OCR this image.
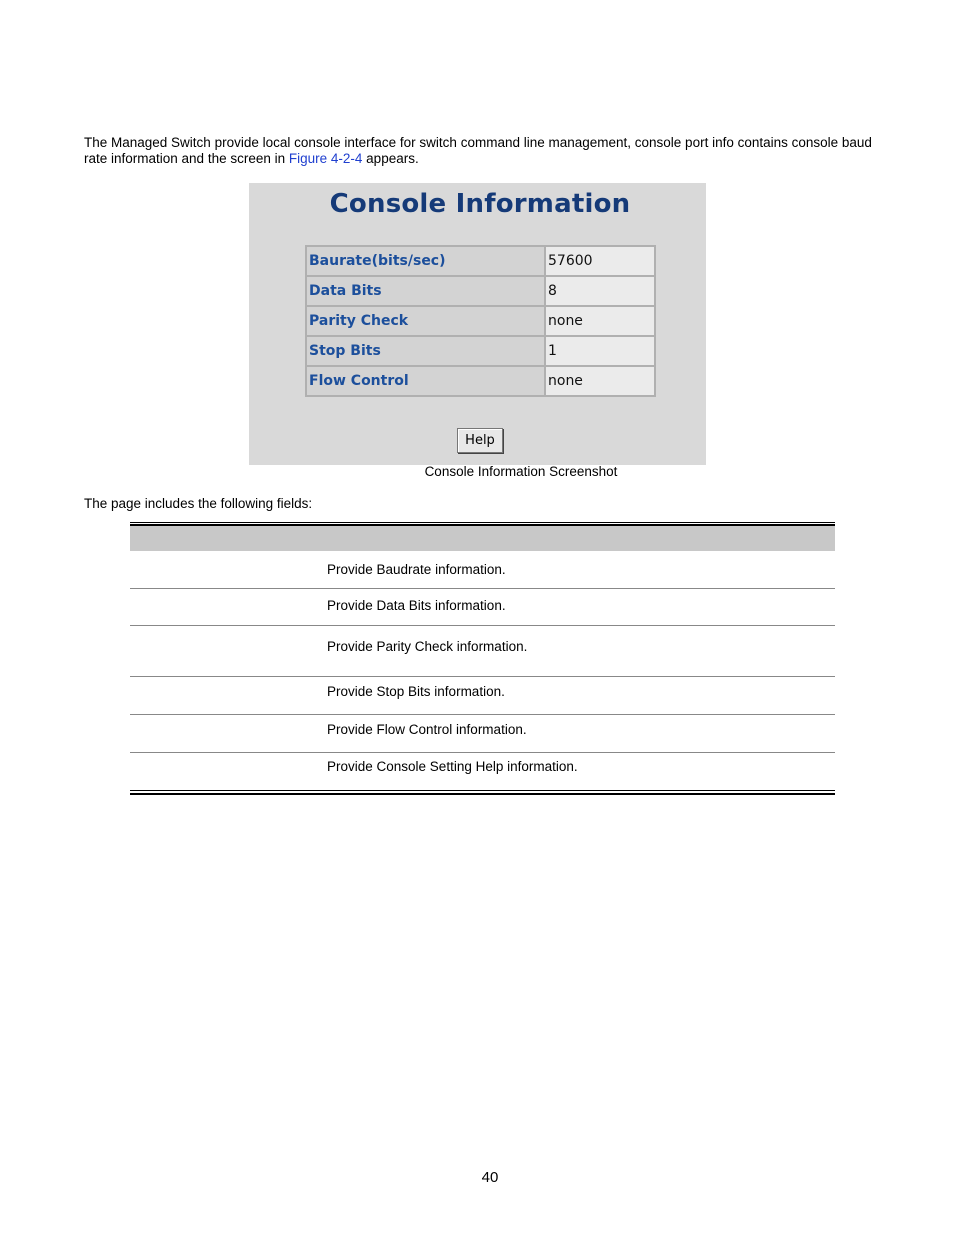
The Managed Switch provide local console interface for switch command line management, console port info contains console baud rate information and the screen in Figure 4-2-4 appears.
Console Information
Baurate(bits/sec)	57600
Data Bits	8
Parity Check	none
Stop Bits	1
Flow Control	none
Help
Console Information Screenshot
The page includes the following fields:
Provide Baudrate information.
Provide Data Bits information.
Provide Parity Check information.
Provide Stop Bits information.
Provide Flow Control information.
Provide Console Setting Help information.
40
